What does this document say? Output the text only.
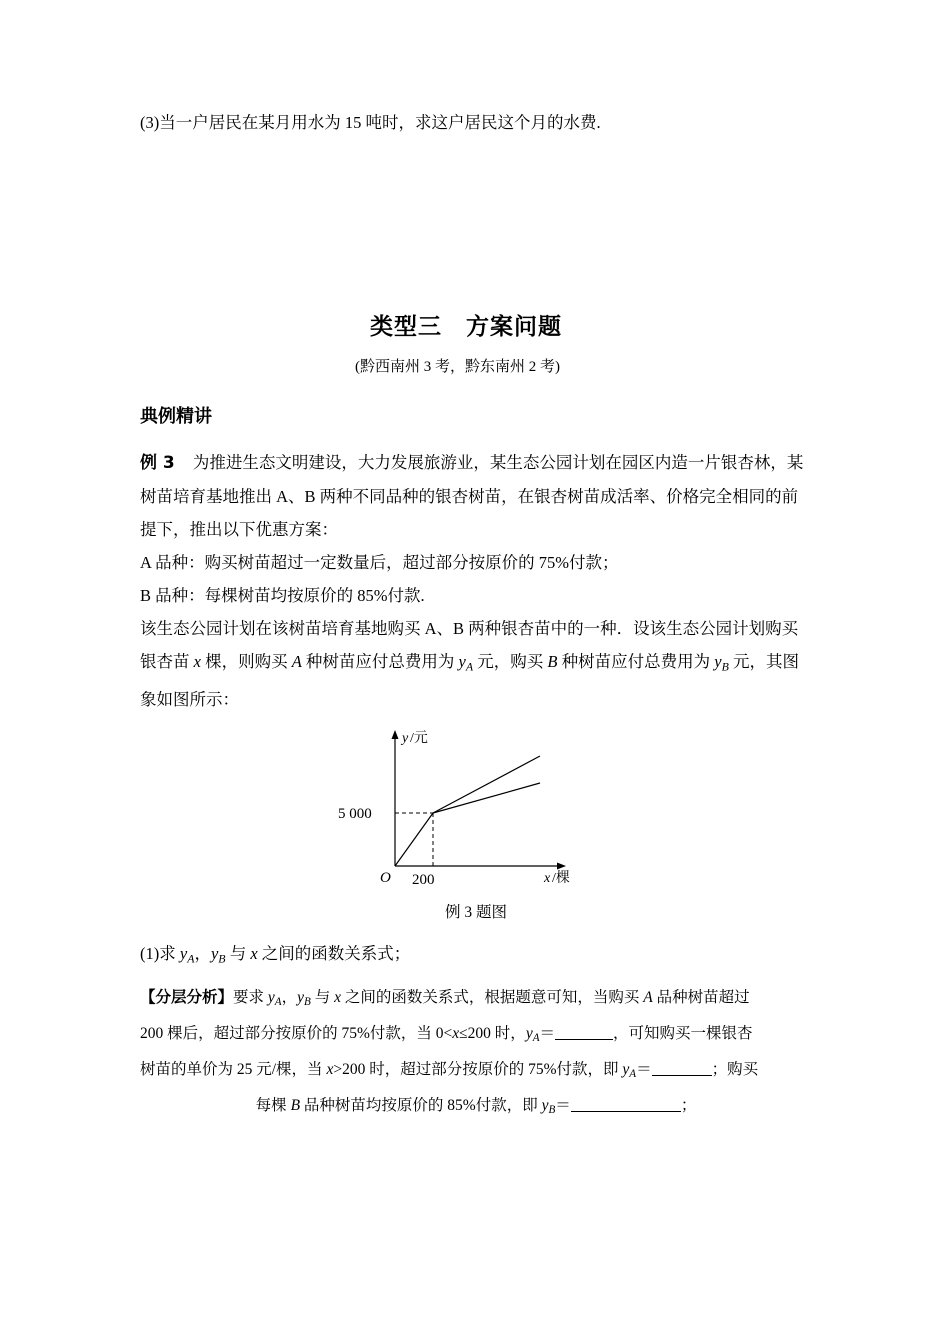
(3)当一户居民在某月用水为 15 吨时，求这户居民这个月的水费.

类型三　方案问题
(黔西南州 3 考，黔东南州 2 考)
典例精讲

例 3 为推进生态文明建设，大力发展旅游业，某生态公园计划在园区内造一片银杏林，某

树苗培育基地推出 A、B 两种不同品种的银杏树苗，在银杏树苗成活率、价格完全相同的前

提下，推出以下优惠方案：

A 品种：购买树苗超过一定数量后，超过部分按原价的 75%付款；

B 品种：每棵树苗均按原价的 85%付款.

该生态公园计划在该树苗培育基地购买 A、B 两种银杏苗中的一种．设该生态公园计划购买

银杏苗 x 棵，则购买 A 种树苗应付总费用为 $y_A$ 元，购买 B 种树苗应付总费用为 $y_B$ 元，其图

象如图所示：

y /元
x /棵
O
5 000
200
例 3 题图

(1)求 $y_A$，$y_B$ 与 x 之间的函数关系式；

【分层分析】要求 $y_A$，$y_B$ 与 x 之间的函数关系式，根据题意可知，当购买 A 品种树苗超过

200 棵后，超过部分按原价的 75%付款，当 0<x≤200 时，$y_A=$	，可知购买一棵银杏

树苗的单价为 25 元/棵，当 x>200 时，超过部分按原价的 75%付款，即 $y_A=$	；购买

每棵 B 品种树苗均按原价的 85%付款，即 $y_B=$	；
